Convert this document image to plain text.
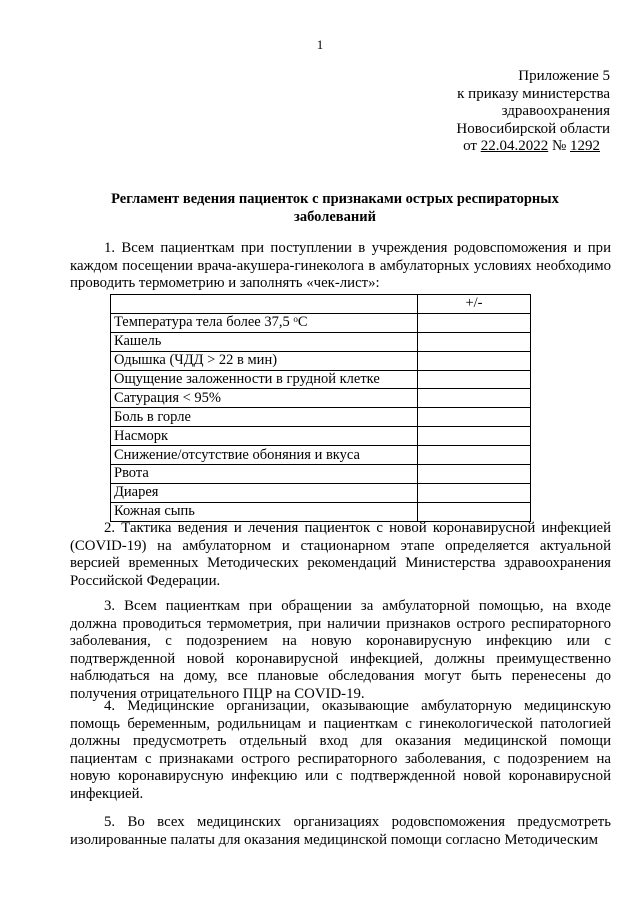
1
Приложение 5
к приказу министерства
здравоохранения
Новосибирской области
от 22.04.2022 № 1292
Регламент ведения пациенток с признаками острых респираторных заболеваний
1. Всем пациенткам при поступлении в учреждения родовспоможения и при каждом посещении врача-акушера-гинеколога в амбулаторных условиях необходимо проводить термометрию и заполнять «чек-лист»:
	+/-
Температура тела более 37,5 $^o$C	
Кашель	
Одышка (ЧДД > 22 в мин)	
Ощущение заложенности в грудной клетке	
Сатурация < 95%	
Боль в горле	
Насморк	
Снижение/отсутствие обоняния и вкуса	
Рвота	
Диарея	
Кожная сыпь	
2. Тактика ведения и лечения пациенток с новой коронавирусной инфекцией (COVID-19) на амбулаторном и стационарном этапе определяется актуальной версией временных Методических рекомендаций Министерства здравоохранения Российской Федерации.
3. Всем пациенткам при обращении за амбулаторной помощью, на входе должна проводиться термометрия, при наличии признаков острого респираторного заболевания, с подозрением на новую коронавирусную инфекцию или с подтвержденной новой коронавирусной инфекцией, должны преимущественно наблюдаться на дому, все плановые обследования могут быть перенесены до получения отрицательного ПЦР на COVID-19.
4. Медицинские организации, оказывающие амбулаторную медицинскую помощь беременным, родильницам и пациенткам с гинекологической патологией должны предусмотреть отдельный вход для оказания медицинской помощи пациентам с признаками острого респираторного заболевания, с подозрением на новую коронавирусную инфекцию или с подтвержденной новой коронавирусной инфекцией.
5. Во всех медицинских организациях родовспоможения предусмотреть изолированные палаты для оказания медицинской помощи согласно Методическим
